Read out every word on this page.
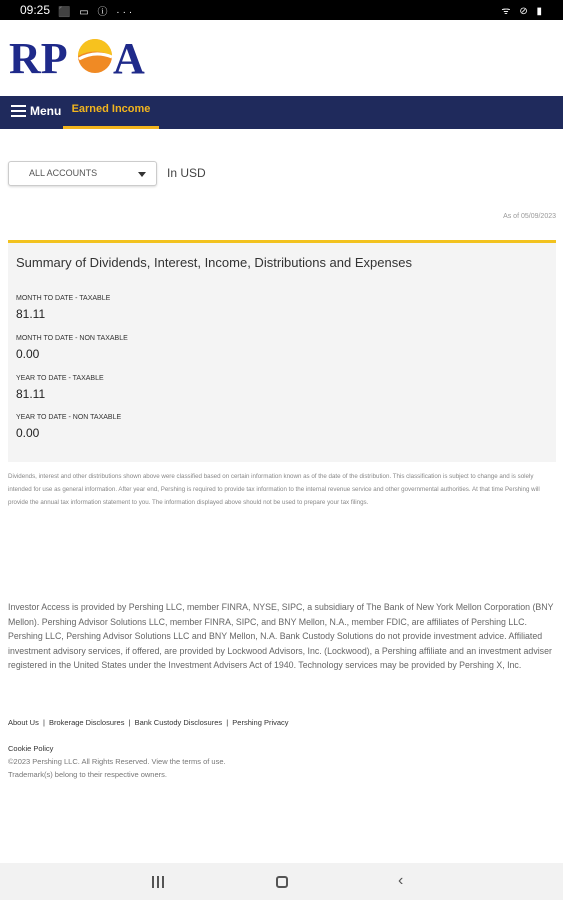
09:25 ⬛ ▭ ⓘ ···	ᯤ ⊘ ▮
RP A
Menu Earned Income
ALL ACCOUNTS	In USD
As of 05/09/2023
Summary of Dividends, Interest, Income, Distributions and Expenses
MONTH TO DATE - TAXABLE
81.11
MONTH TO DATE - NON TAXABLE
0.00
YEAR TO DATE - TAXABLE
81.11
YEAR TO DATE - NON TAXABLE
0.00
Dividends, interest and other distributions shown above were classified based on certain information known as of the date of the distribution. This classification is subject to change and is solely intended for use as general information. After year end, Pershing is required to provide tax information to the internal revenue service and other governmental authorities. At that time Pershing will provide the annual tax information statement to you. The information displayed above should not be used to prepare your tax filings.
Investor Access is provided by Pershing LLC, member FINRA, NYSE, SIPC, a subsidiary of The Bank of New York Mellon Corporation (BNY Mellon). Pershing Advisor Solutions LLC, member FINRA, SIPC, and BNY Mellon, N.A., member FDIC, are affiliates of Pershing LLC. Pershing LLC, Pershing Advisor Solutions LLC and BNY Mellon, N.A. Bank Custody Solutions do not provide investment advice. Affiliated investment advisory services, if offered, are provided by Lockwood Advisors, Inc. (Lockwood), a Pershing affiliate and an investment adviser registered in the United States under the Investment Advisers Act of 1940. Technology services may be provided by Pershing X, Inc.
About Us | Brokerage Disclosures | Bank Custody Disclosures | Pershing Privacy
Cookie Policy
©2023 Pershing LLC. All Rights Reserved. View the terms of use.
Trademark(s) belong to their respective owners.
‹
